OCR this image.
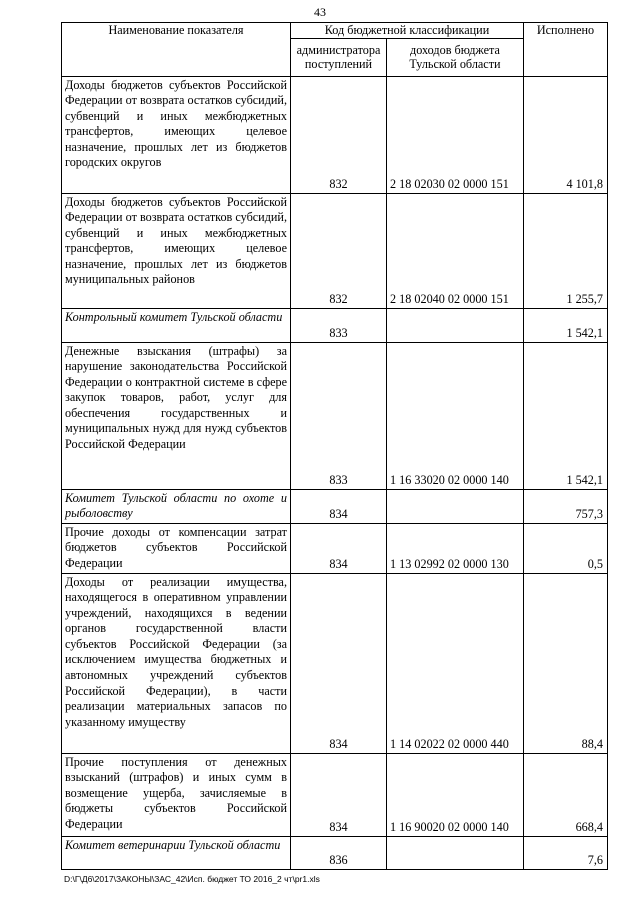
43
Наименование показателя	Код бюджетной классификации		Исполнено
	администратора поступлений	доходов бюджета Тульской области	
Доходы бюджетов субъектов Российской Федерации от возврата остатков субсидий, субвенций и иных межбюджетных трансфертов, имеющих целевое назначение, прошлых лет из бюджетов городских округов	832	2 18 02030 02 0000 151	4 101,8
Доходы бюджетов субъектов Российской Федерации от возврата остатков субсидий, субвенций и иных межбюджетных трансфертов, имеющих целевое назначение, прошлых лет из бюджетов муниципальных районов	832	2 18 02040 02 0000 151	1 255,7
Контрольный комитет Тульской области	833		1 542,1
Денежные взыскания (штрафы) за нарушение законодательства Российской Федерации о контрактной системе в сфере закупок товаров, работ, услуг для обеспечения государственных и муниципальных нужд для нужд субъектов Российской Федерации	833	1 16 33020 02 0000 140	1 542,1
Комитет Тульской области по охоте и рыболовству	834		757,3
Прочие доходы от компенсации затрат бюджетов субъектов Российской Федерации	834	1 13 02992 02 0000 130	0,5
Доходы от реализации имущества, находящегося в оперативном управлении учреждений, находящихся в ведении органов государственной власти субъектов Российской Федерации (за исключением имущества бюджетных и автономных учреждений субъектов Российской Федерации), в части реализации материальных запасов по указанному имуществу	834	1 14 02022 02 0000 440	88,4
Прочие поступления от денежных взысканий (штрафов) и иных сумм в возмещение ущерба, зачисляемые в бюджеты субъектов Российской Федерации	834	1 16 90020 02 0000 140	668,4
Комитет ветеринарии Тульской области	836		7,6
D:\Г\Д6\2017\ЗАКОНЫ\ЗАС_42\Исп. бюджет ТО 2016_2 чт\pr1.xls
